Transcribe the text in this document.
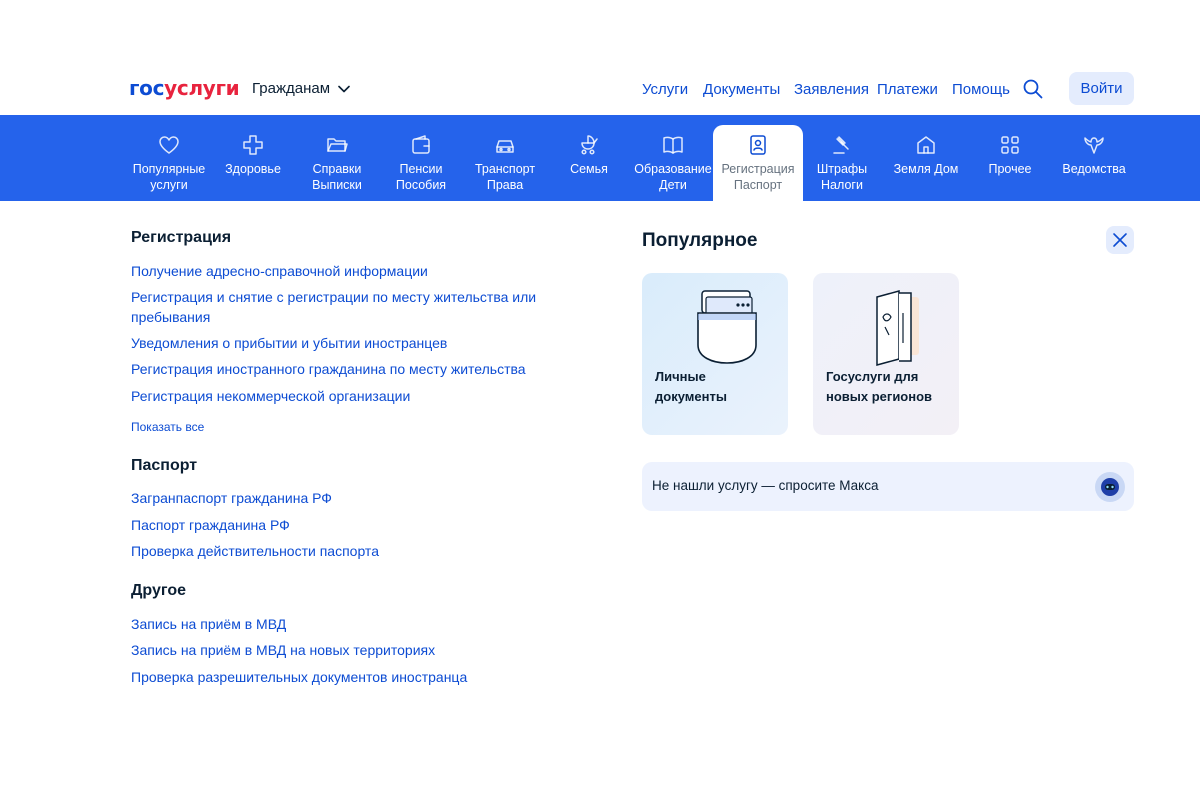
госуслуги Гражданам	Услуги Документы Заявления Платежи Помощь	Войти
Популярные
услуги
Здоровье	Справки
Выписки
Пенсии
Пособия
Транспорт
Права
Семья Образование
Дети
Регистрация
Паспорт
Штрафы
Налоги
Земля Дом Прочее Ведомства
Регистрация
Получение адресно-справочной информации
Регистрация и снятие с регистрации по месту жительства или пребывания
Уведомления о прибытии и убытии иностранцев
Регистрация иностранного гражданина по месту жительства
Регистрация некоммерческой организации
Показать все
Паспорт
Загранпаспорт гражданина РФ
Паспорт гражданина РФ
Проверка действительности паспорта
Другое
Запись на приём в МВД
Запись на приём в МВД на новых территориях
Проверка разрешительных документов иностранца
Популярное
Личные
документы
Госуслуги для
новых регионов
Не нашли услугу — спросите Макса
